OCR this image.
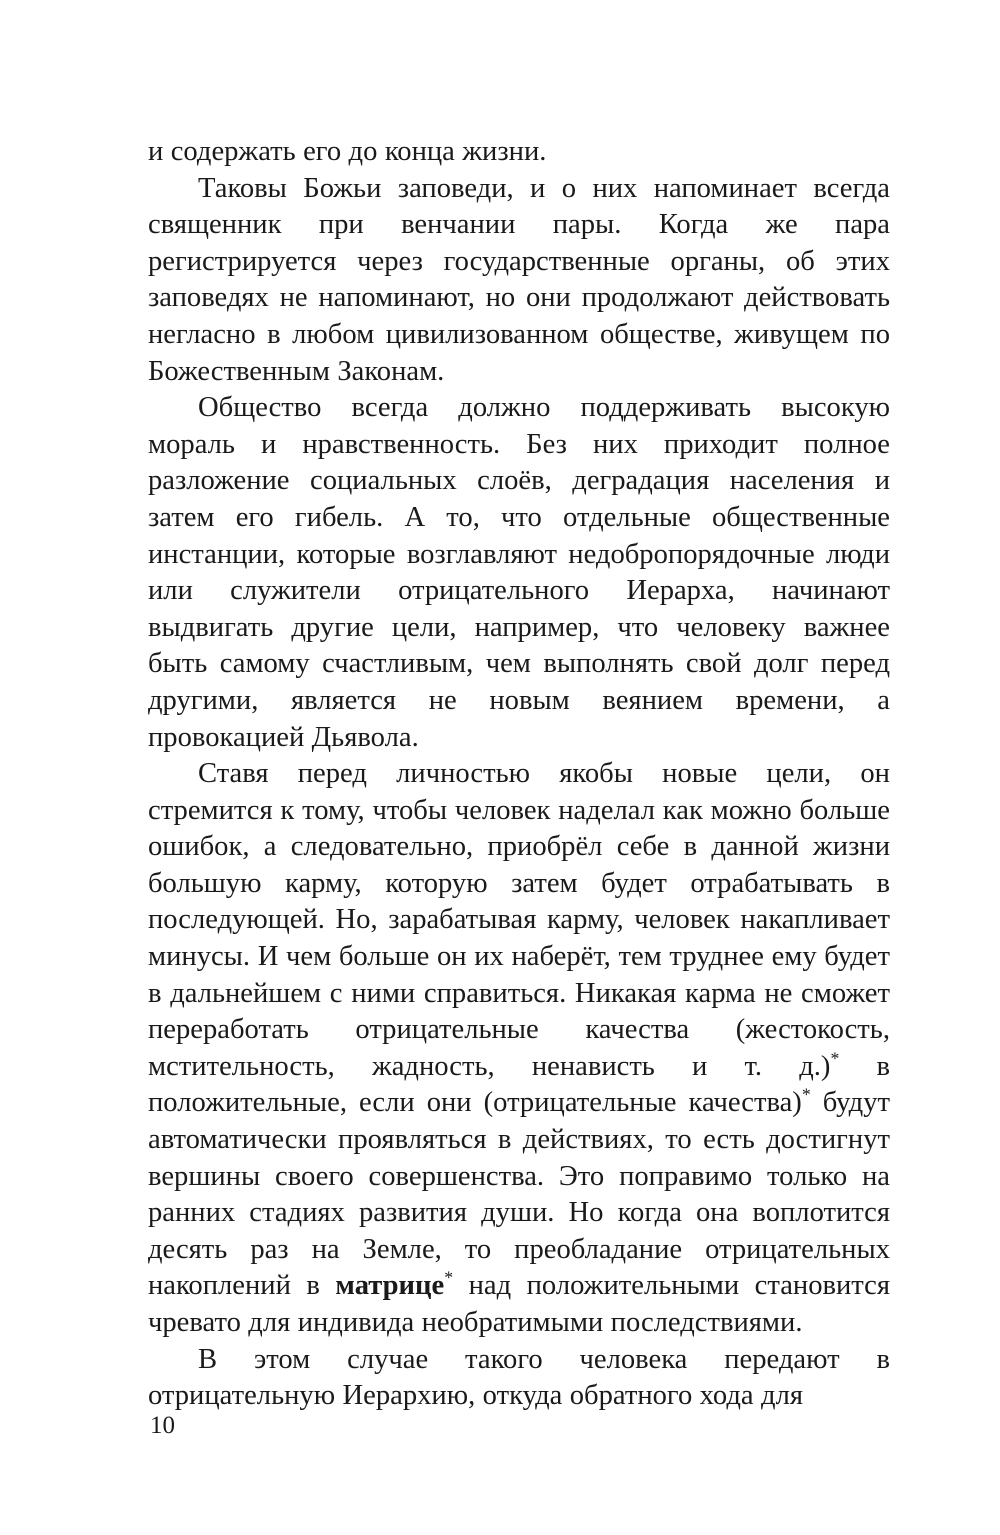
и содержать его до конца жизни.

Таковы Божьи заповеди, и о них напоминает всегда священник при венчании пары. Когда же пара регистрируется через государственные органы, об этих заповедях не напоминают, но они продолжают действовать негласно в любом цивилизованном обществе, живущем по Божественным Законам.

Общество всегда должно поддерживать высокую мораль и нравственность. Без них приходит полное разложение социальных слоёв, деградация населения и затем его гибель. А то, что отдельные общественные инстанции, которые возглавляют недобропорядочные люди или служители отрицательного Иерарха, начинают выдвигать другие цели, например, что человеку важнее быть самому счастливым, чем выполнять свой долг перед другими, является не новым веянием времени, а провокацией Дьявола.

Ставя перед личностью якобы новые цели, он стремится к тому, чтобы человек наделал как можно больше ошибок, а следовательно, приобрёл себе в данной жизни большую карму, которую затем будет отрабатывать в последующей. Но, зарабатывая карму, человек накапливает минусы. И чем больше он их наберёт, тем труднее ему будет в дальнейшем с ними справиться. Никакая карма не сможет переработать отрицательные качества (жестокость, мстительность, жадность, ненависть и т. д.)* в положительные, если они (отрицательные качества)* будут автоматически проявляться в действиях, то есть достигнут вершины своего совершенства. Это поправимо только на ранних стадиях развития души. Но когда она воплотится десять раз на Земле, то преобладание отрицательных накоплений в матрице* над положительными становится чревато для индивида необратимыми последствиями.

В этом случае такого человека передают в отрицательную Иерархию, откуда обратного хода для

10
